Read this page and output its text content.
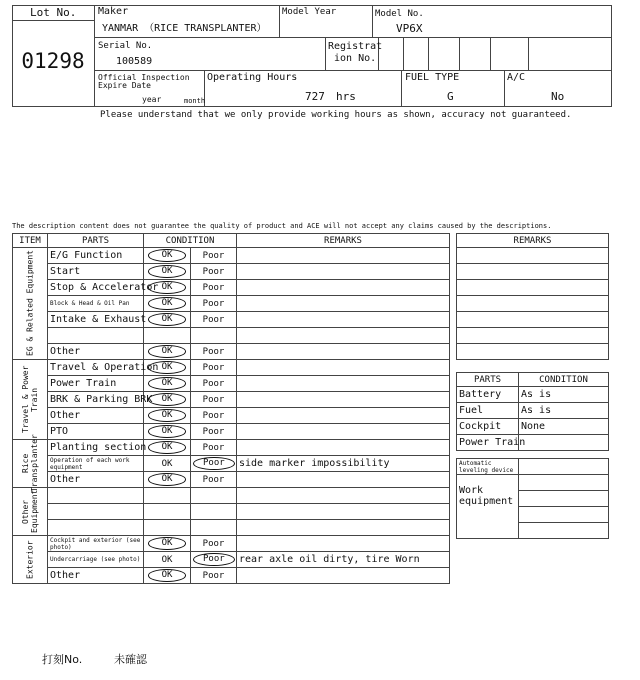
Lot No.
01298
Maker
YANMAR （RICE TRANSPLANTER）
Model Year	Model No.
VP6X
Serial No.
100589
Registrat
ion No.
Official Inspection
Expire Date
year	month
Operating Hours
727 hrs
FUEL TYPE
G
A/C
No
Please understand that we only provide working hours as shown, accuracy not guaranteed.
The description content does not guarantee the quality of product and ACE will not accept any claims caused by the descriptions.
ITEM	PARTS	CONDITION		REMARKS

EG & Related Equipment	E/G Function	OK	Poor	
	Start	OK	Poor	
	Stop & Accelerator	OK	Poor	
	Block & Head & Oil Pan	OK	Poor	
	Intake & Exhaust	OK	Poor	

	Other	OK	Poor	

Travel & Power Train	Travel & Operation	OK	Poor	
	Power Train	OK	Poor	
	BRK & Parking BRK	OK	Poor	
	Other	OK	Poor	
	PTO	OK	Poor	

Rice Transplanter	Planting section	OK	Poor	
	Operation of each work equipment	OK	Poor	side marker impossibility
	Other	OK	Poor	

Other Equipment				

Exterior	Cockpit and exterior (see photo)	OK	Poor	
	Undercarriage (see photo)	OK	Poor	rear axle oil dirty, tire Worn
	Other	OK	Poor	
REMARKS

PARTS	CONDITION
Battery	As is
Fuel	As is
Cockpit	None
Power Train	
Automatic leveling device	
Work equipment	

打刻No.	未確認
